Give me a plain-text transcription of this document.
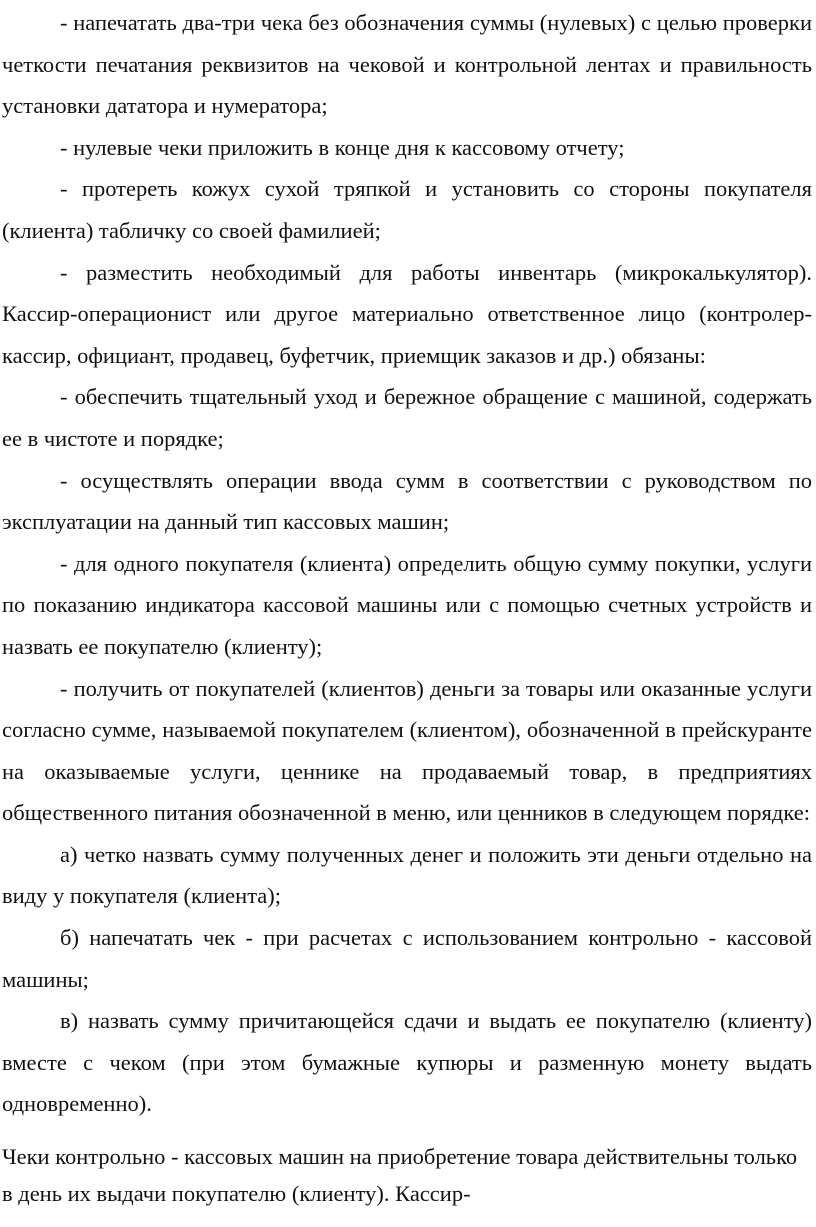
- напечатать два-три чека без обозначения суммы (нулевых) с целью проверки четкости печатания реквизитов на чековой и контрольной лентах и правильность установки дататора и нумератора;

- нулевые чеки приложить в конце дня к кассовому отчету;

- протереть кожух сухой тряпкой и установить со стороны покупателя (клиента) табличку со своей фамилией;

- разместить необходимый для работы инвентарь (микрокалькулятор).

Кассир-операционист или другое материально ответственное лицо (контролер-кассир, официант, продавец, буфетчик, приемщик заказов и др.) обязаны:

- обеспечить тщательный уход и бережное обращение с машиной, содержать ее в чистоте и порядке;

- осуществлять операции ввода сумм в соответствии с руководством по эксплуатации на данный тип кассовых машин;

- для одного покупателя (клиента) определить общую сумму покупки, услуги по показанию индикатора кассовой машины или с помощью счетных устройств и назвать ее покупателю (клиенту);

- получить от покупателей (клиентов) деньги за товары или оказанные услуги согласно сумме, называемой покупателем (клиентом), обозначенной в прейскуранте на оказываемые услуги, ценнике на продаваемый товар, в предприятиях общественного питания обозначенной в меню, или ценников в следующем порядке:

а) четко назвать сумму полученных денег и положить эти деньги отдельно на виду у покупателя (клиента);

б) напечатать чек - при расчетах с использованием контрольно - кассовой машины;

в) назвать сумму причитающейся сдачи и выдать ее покупателю (клиенту) вместе с чеком (при этом бумажные купюры и разменную монету выдать одновременно).

Чеки контрольно - кассовых машин на приобретение товара действительны только в день их выдачи покупателю (клиенту). Кассир-
